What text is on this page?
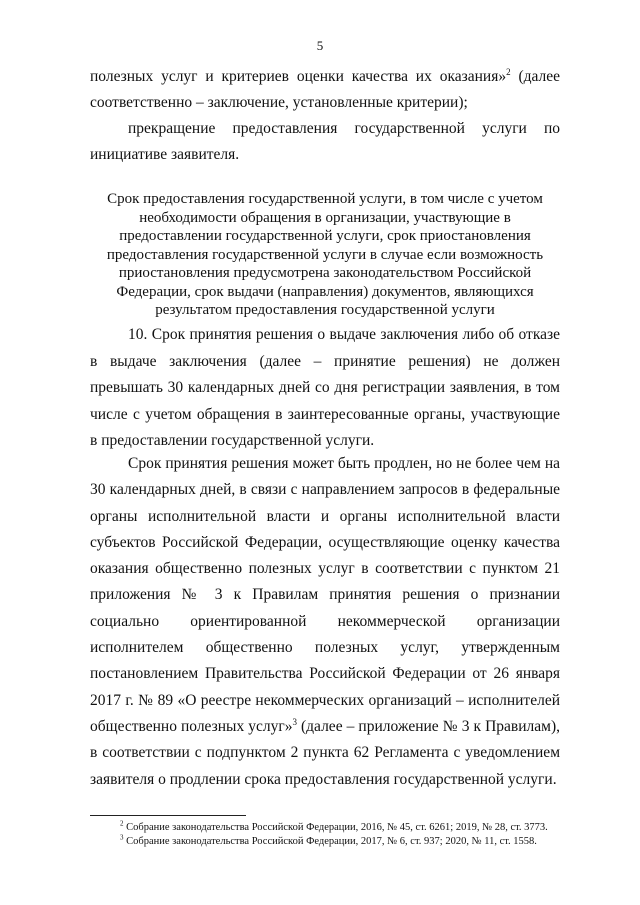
5
полезных услуг и критериев оценки качества их оказания»$^2$ (далее соответственно – заключение, установленные критерии);
прекращение предоставления государственной услуги по инициативе заявителя.
Срок предоставления государственной услуги, в том числе с учетом необходимости обращения в организации, участвующие в предоставлении государственной услуги, срок приостановления предоставления государственной услуги в случае если возможность приостановления предусмотрена законодательством Российской Федерации, срок выдачи (направления) документов, являющихся результатом предоставления государственной услуги
10. Срок принятия решения о выдаче заключения либо об отказе в выдаче заключения (далее – принятие решения) не должен превышать 30 календарных дней со дня регистрации заявления, в том числе с учетом обращения в заинтересованные органы, участвующие в предоставлении государственной услуги.
Срок принятия решения может быть продлен, но не более чем на 30 календарных дней, в связи с направлением запросов в федеральные органы исполнительной власти и органы исполнительной власти субъектов Российской Федерации, осуществляющие оценку качества оказания общественно полезных услуг в соответствии с пунктом 21 приложения № 3 к Правилам принятия решения о признании социально ориентированной некоммерческой организации исполнителем общественно полезных услуг, утвержденным постановлением Правительства Российской Федерации от 26 января 2017 г. № 89 «О реестре некоммерческих организаций – исполнителей общественно полезных услуг»$^3$ (далее – приложение № 3 к Правилам), в соответствии с подпунктом 2 пункта 62 Регламента с уведомлением заявителя о продлении срока предоставления государственной услуги.
$^2$ Собрание законодательства Российской Федерации, 2016, № 45, ст. 6261; 2019, № 28, ст. 3773.
$^3$ Собрание законодательства Российской Федерации, 2017, № 6, ст. 937; 2020, № 11, ст. 1558.
